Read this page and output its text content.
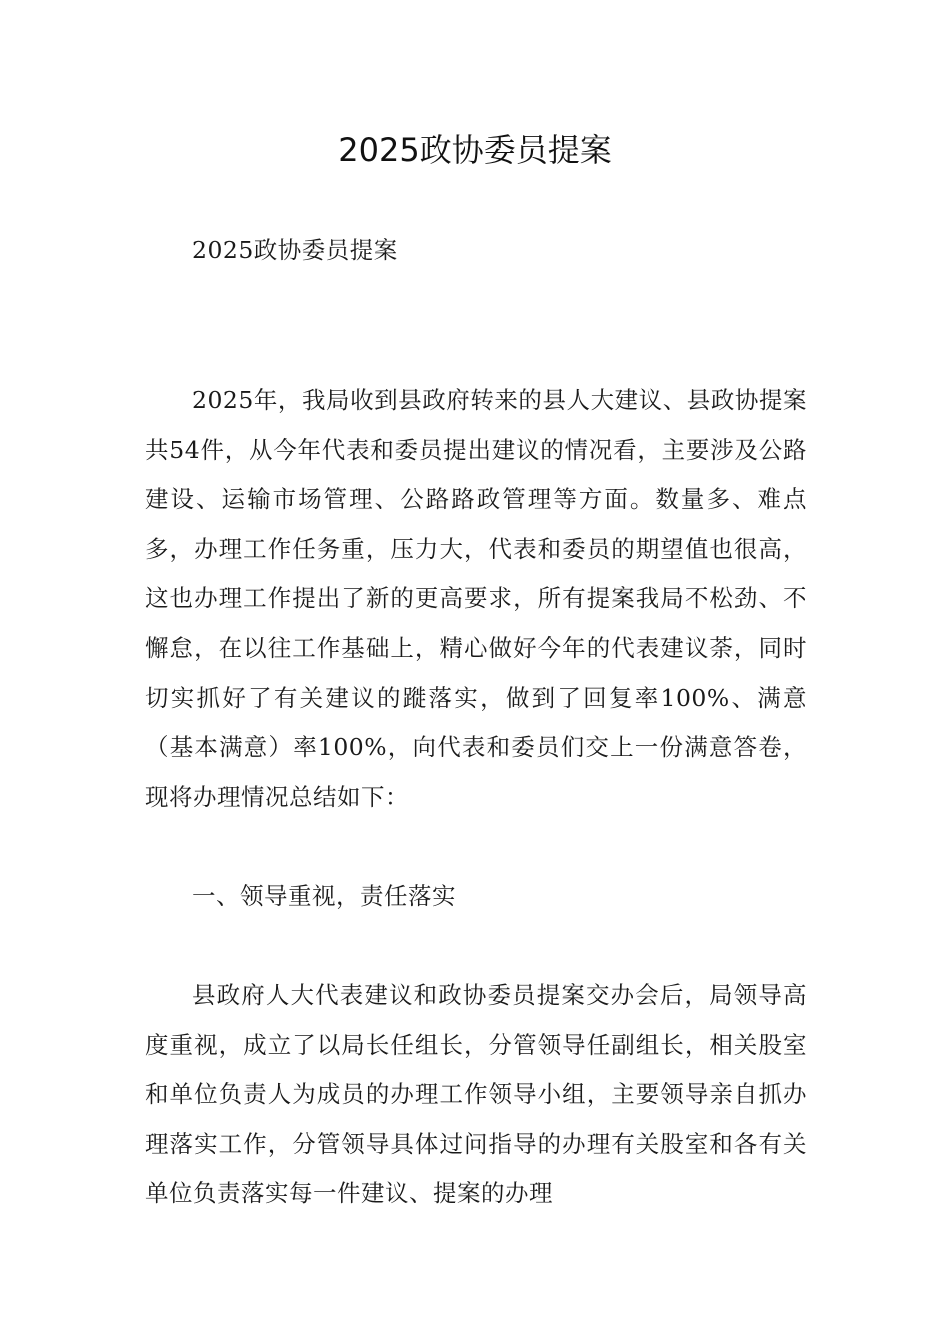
2025政协委员提案

2025政协委员提案

2025年，我局收到县政府转来的县人大建议、县政协提案共54件，从今年代表和委员提出建议的情况看，主要涉及公路建设、运输市场管理、公路路政管理等方面。数量多、难点多，办理工作任务重，压力大，代表和委员的期望值也很高，这也办理工作提出了新的更高要求，所有提案我局不松劲、不懈怠，在以往工作基础上，精心做好今年的代表建议荼，同时切实抓好了有关建议的蹝落实，做到了回复率100%、满意（基本满意）率100%，向代表和委员们交上一份满意答卷，现将办理情况总结如下：

一、领导重视，责任落实

县政府人大代表建议和政协委员提案交办会后，局领导高度重视，成立了以局长任组长，分管领导任副组长，相关股室和单位负责人为成员的办理工作领导小组，主要领导亲自抓办理落实工作，分管领导具体过问指导的办理有关股室和各有关单位负责落实每一件建议、提案的办理
